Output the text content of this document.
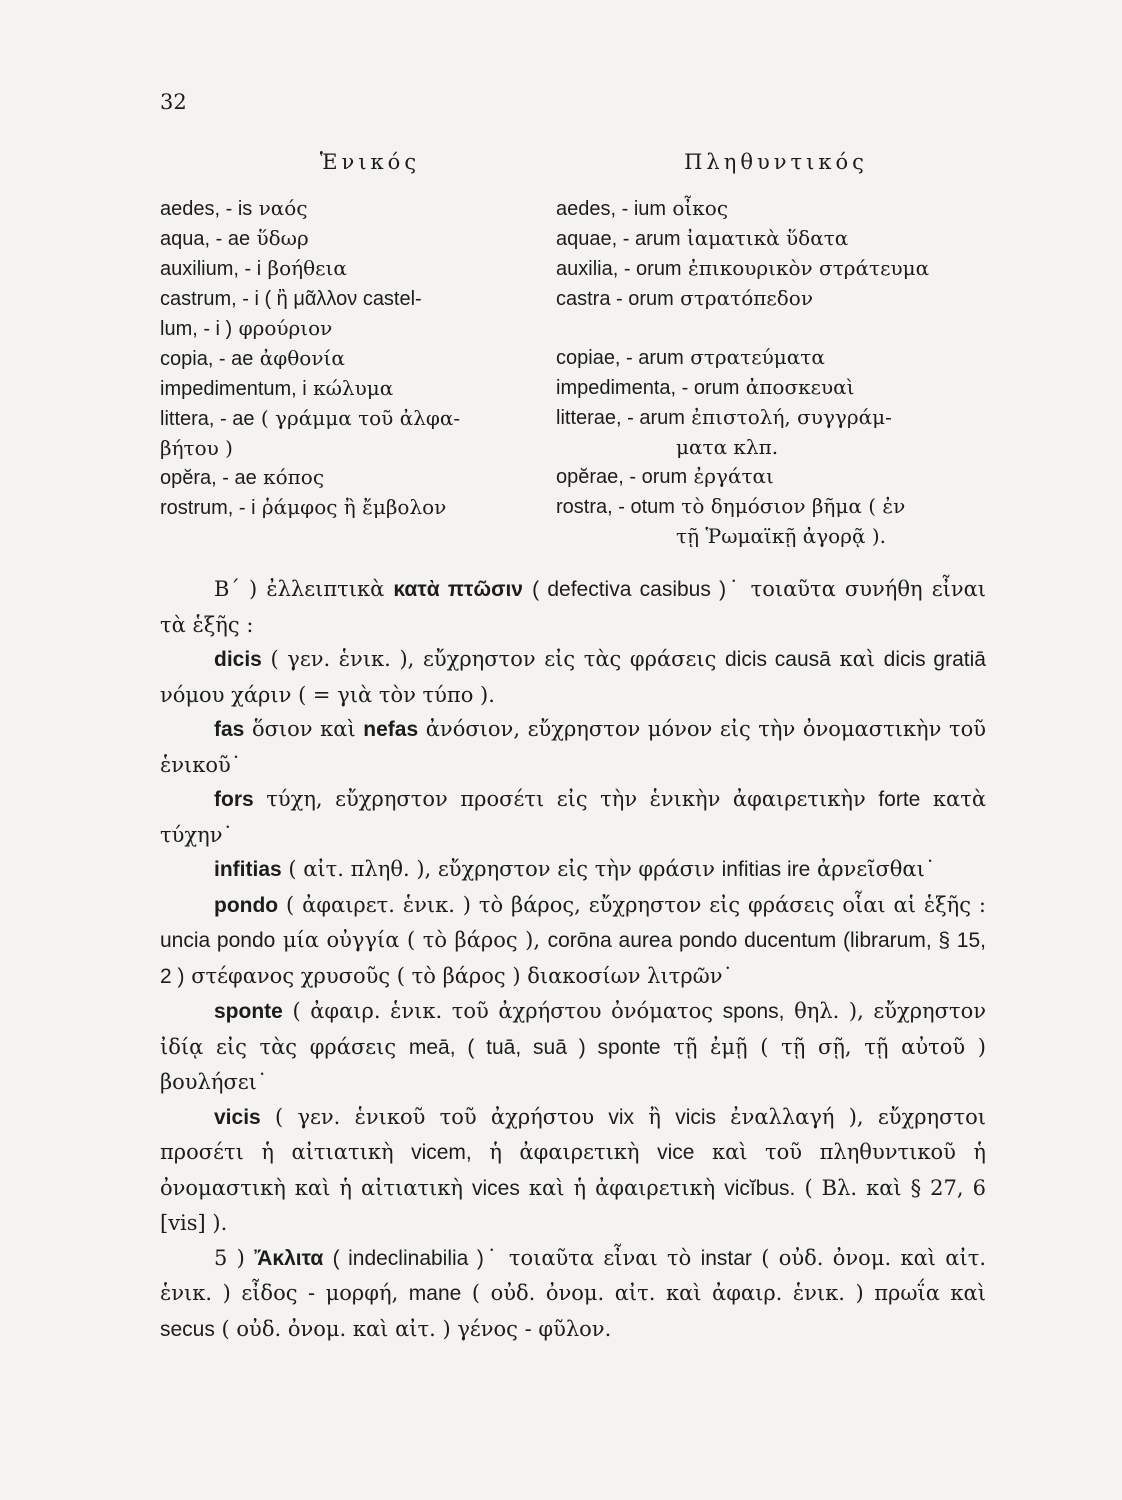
32
Ἑνικός
aedes, - is ναός
aqua, - ae ὕδωρ
auxilium, - i βοήθεια
castrum, - i ( ἢ μᾶλλον castel-
lum, - i ) φρούριον
copia, - ae ἀφθονία
impedimentum, i κώλυμα
littera, - ae ( γράμμα τοῦ ἀλφα-
βήτου )
opĕra, - ae κόπος
rostrum, - i ῥάμφος ἢ ἔμβολον
Πληθυντικός
aedes, - ium οἶκος
aquae, - arum ἰαματικὰ ὕδατα
auxilia, - orum ἐπικουρικὸν στράτευμα
castra - orum στρατόπεδον
copiae, - arum στρατεύματα
impedimenta, - orum ἀποσκευαὶ
litterae, - arum ἐπιστολή, συγγράμ-
ματα κλπ.
opĕrae, - orum ἐργάται
rostra, - otum τὸ δημόσιον βῆμα ( ἐν
τῇ Ῥωμαϊκῇ ἀγορᾷ ).

Β΄ ) ἐλλειπτικὰ κατὰ πτῶσιν ( defectiva casibus )˙ τοιαῦτα συνήθη εἶναι τὰ ἑξῆς :

dicis ( γεν. ἑνικ. ), εὔχρηστον εἰς τὰς φράσεις dicis causā καὶ dicis gratiā νόμου χάριν ( = γιὰ τὸν τύπο ).

fas ὅσιον καὶ nefas ἀνόσιον, εὔχρηστον μόνον εἰς τὴν ὀνομαστικὴν τοῦ ἑνικοῦ˙

fors τύχη, εὔχρηστον προσέτι εἰς τὴν ἑνικὴν ἀφαιρετικὴν forte κατὰ τύχην˙

infitias ( αἰτ. πληθ. ), εὔχρηστον εἰς τὴν φράσιν infitias ire ἀρνεῖσθαι˙

pondo ( ἀφαιρετ. ἑνικ. ) τὸ βάρος, εὔχρηστον εἰς φράσεις οἷαι αἱ ἑξῆς : uncia pondo μία οὐγγία ( τὸ βάρος ), corōna aurea pondo ducentum (librarum, § 15, 2 ) στέφανος χρυσοῦς ( τὸ βάρος ) διακοσίων λιτρῶν˙

sponte ( ἀφαιρ. ἑνικ. τοῦ ἀχρήστου ὀνόματος spons, θηλ. ), εὔχρηστον ἰδίᾳ εἰς τὰς φράσεις meā, ( tuā, suā ) sponte τῇ ἐμῇ ( τῇ σῇ, τῇ αὐτοῦ ) βουλήσει˙

vicis ( γεν. ἑνικοῦ τοῦ ἀχρήστου vix ἢ vicis ἐναλλαγή ), εὔχρηστοι προσέτι ἡ αἰτιατικὴ vicem, ἡ ἀφαιρετικὴ vice καὶ τοῦ πληθυντικοῦ ἡ ὀνομαστικὴ καὶ ἡ αἰτιατικὴ vices καὶ ἡ ἀφαιρετικὴ vicĭbus. ( Βλ. καὶ § 27, 6 [vis] ).

5 ) Ἄκλιτα ( indeclinabilia )˙ τοιαῦτα εἶναι τὸ instar ( οὐδ. ὀνομ. καὶ αἰτ. ἑνικ. ) εἶδος - μορφή, mane ( οὐδ. ὀνομ. αἰτ. καὶ ἀφαιρ. ἑνικ. ) πρωΐα καὶ secus ( οὐδ. ὀνομ. καὶ αἰτ. ) γένος - φῦλον.
